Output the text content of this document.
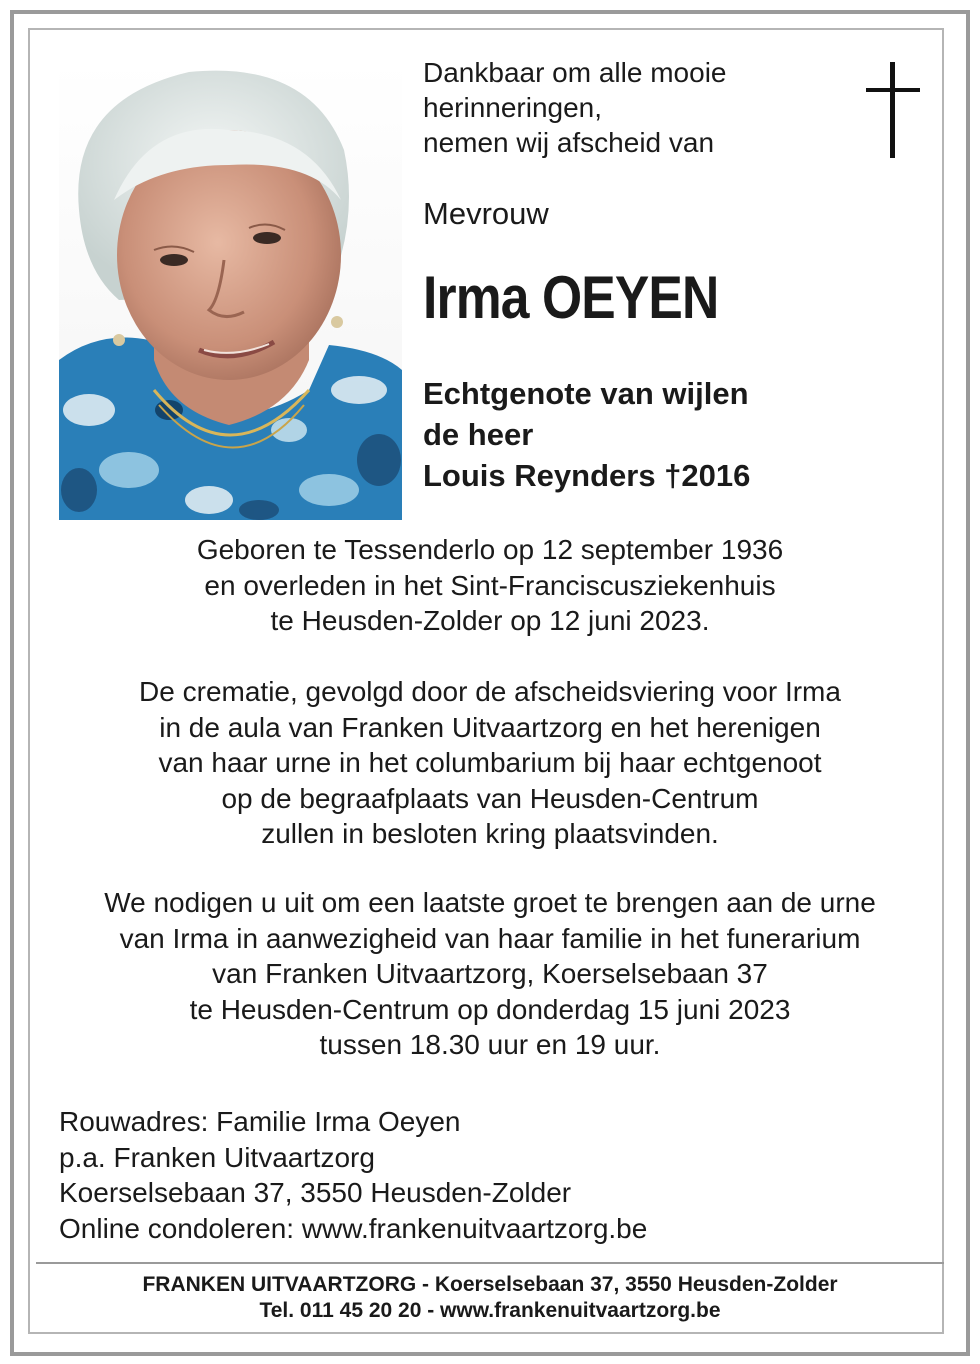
Dankbaar om alle mooie
herinneringen,
nemen wij afscheid van
Mevrouw
Irma OEYEN
Echtgenote van wijlen
de heer
Louis Reynders †2016
Geboren te Tessenderlo op 12 september 1936
en overleden in het Sint-Franciscusziekenhuis
te Heusden-Zolder op 12 juni 2023.
De crematie, gevolgd door de afscheidsviering voor Irma
in de aula van Franken Uitvaartzorg en het herenigen
van haar urne in het columbarium bij haar echtgenoot
op de begraafplaats van Heusden-Centrum
zullen in besloten kring plaatsvinden.
We nodigen u uit om een laatste groet te brengen aan de urne
van Irma in aanwezigheid van haar familie in het funerarium
van Franken Uitvaartzorg, Koerselsebaan 37
te Heusden-Centrum op donderdag 15 juni 2023
tussen 18.30 uur en 19 uur.
Rouwadres: Familie Irma Oeyen
p.a. Franken Uitvaartzorg
Koerselsebaan 37, 3550 Heusden-Zolder
Online condoleren: www.frankenuitvaartzorg.be
FRANKEN UITVAARTZORG - Koerselsebaan 37, 3550 Heusden-Zolder
Tel. 011 45 20 20 - www.frankenuitvaartzorg.be
